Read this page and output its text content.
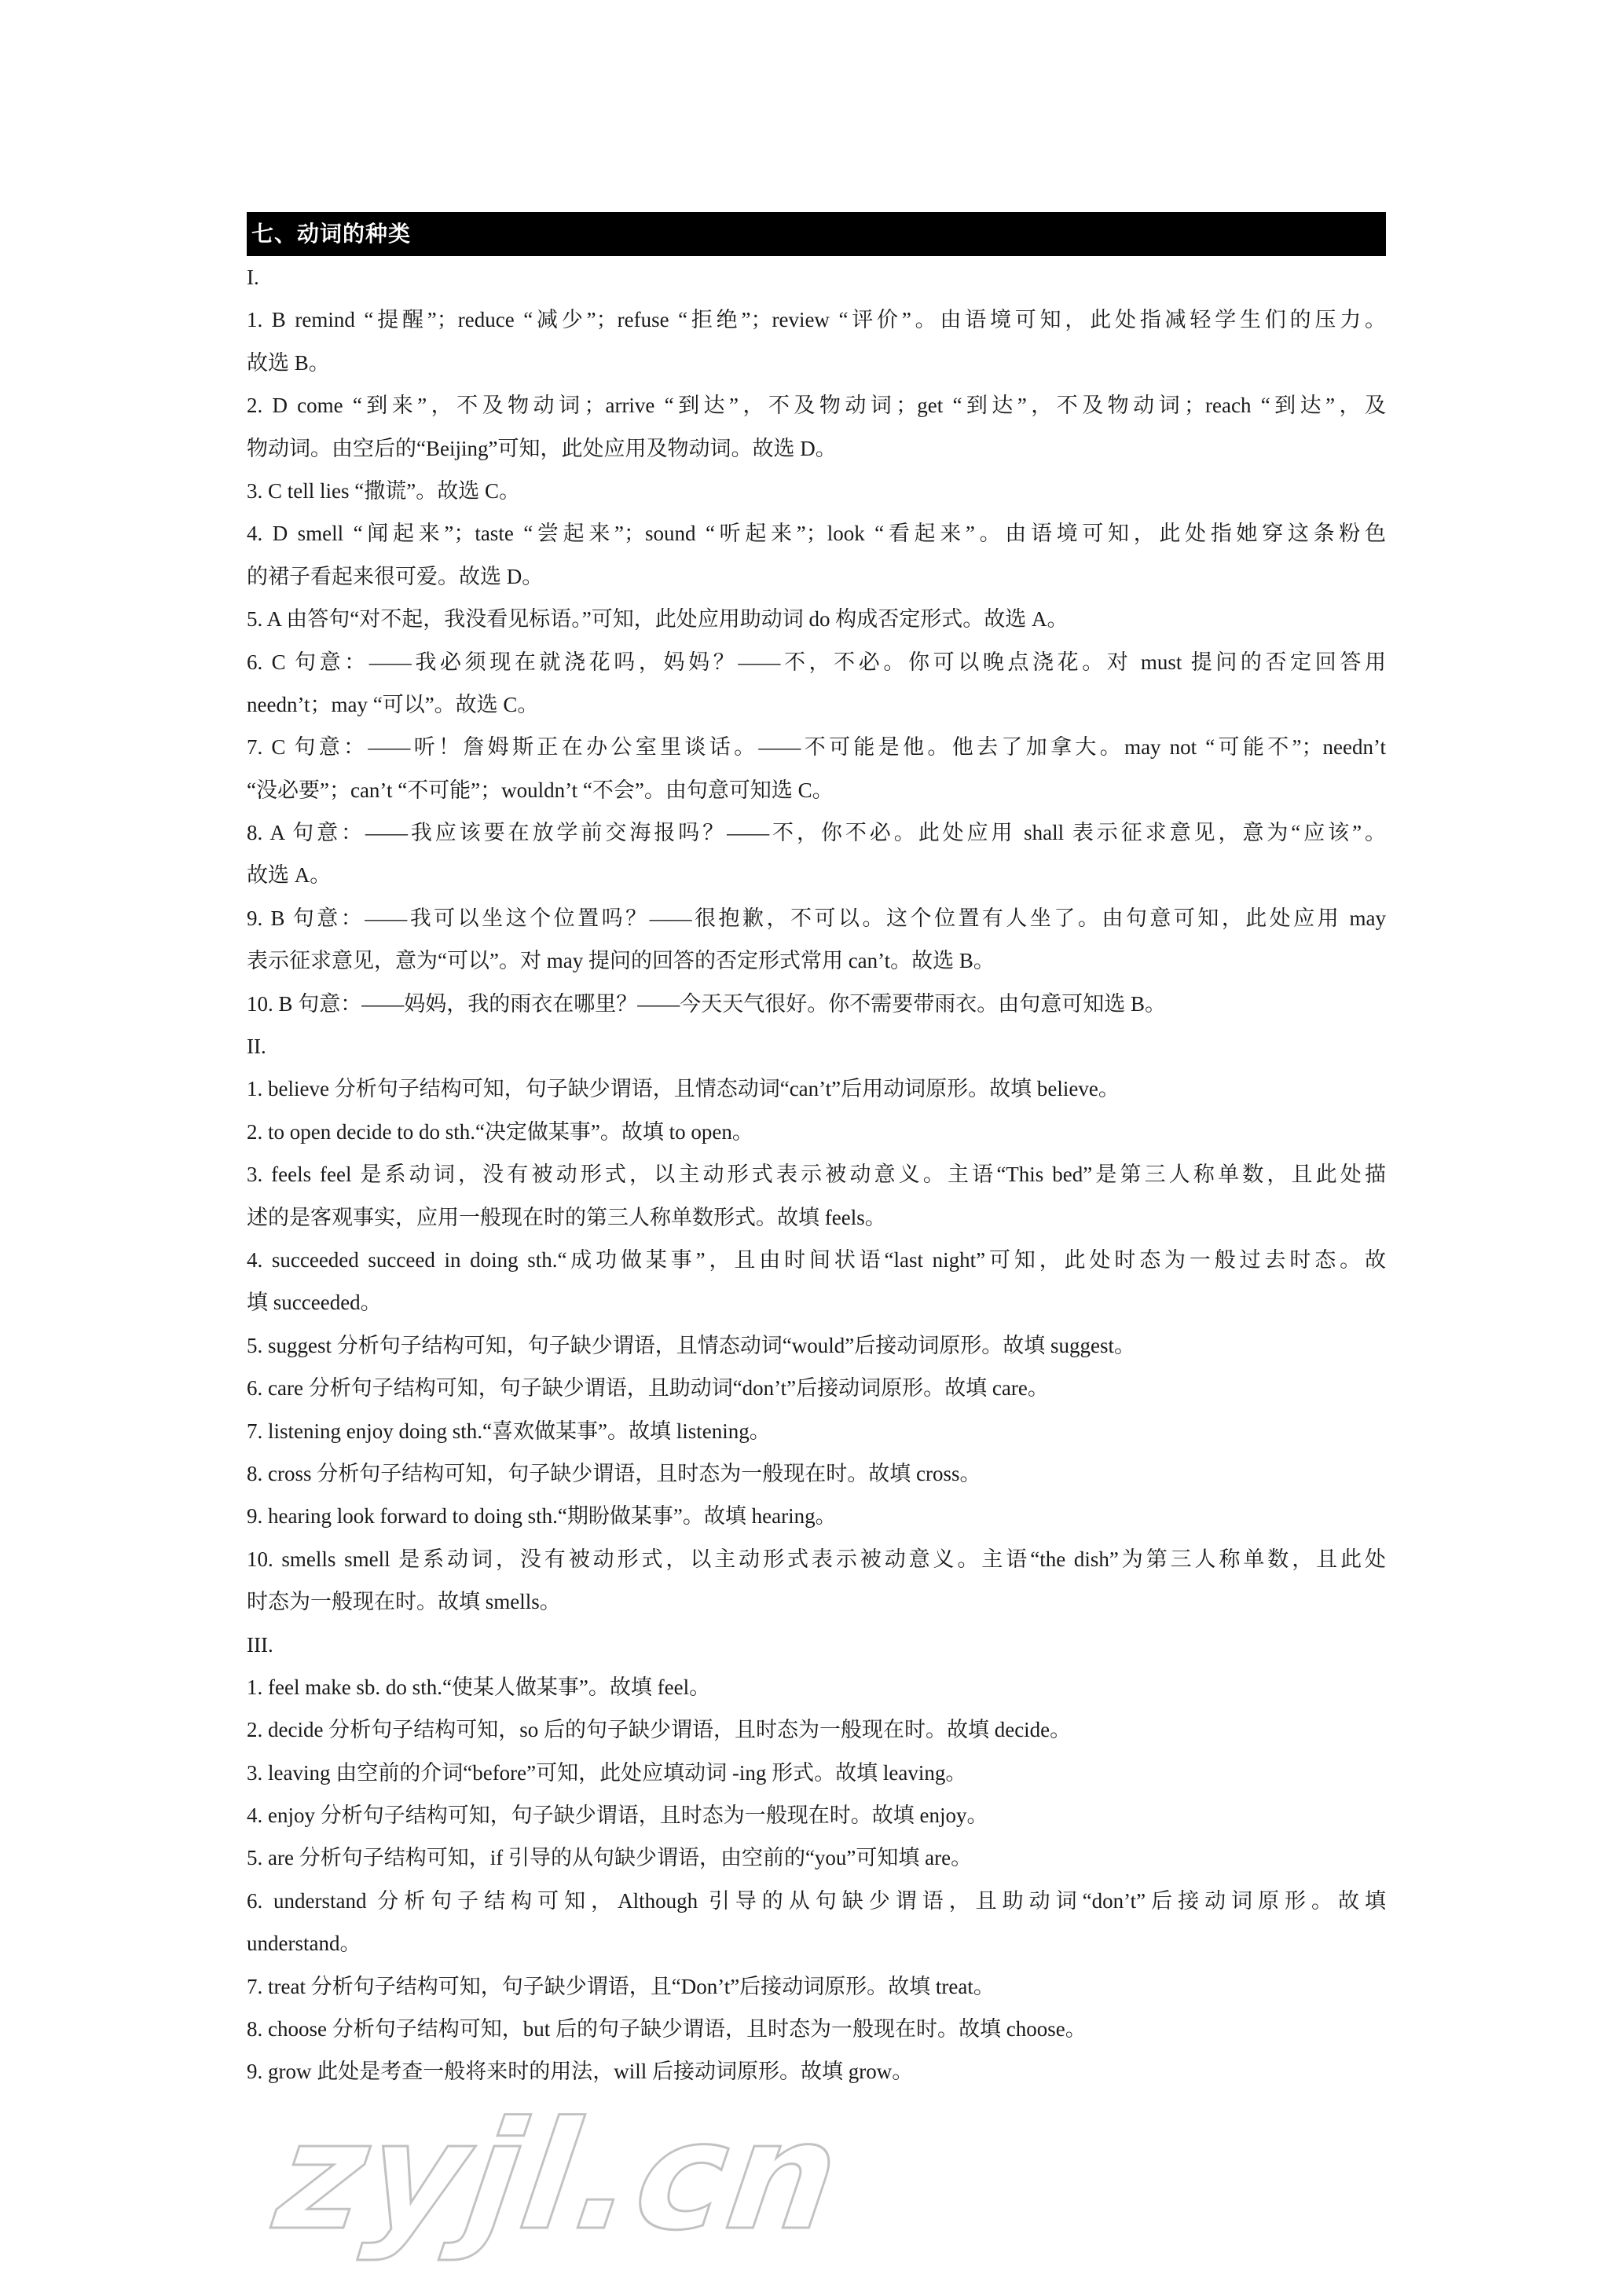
七、动词的种类
I.
1. B remind “提醒”；reduce “减少”；refuse “拒绝”；review “评价”。由语境可知，此处指减轻学生们的压力。
故选 B。
2. D come “到来”，不及物动词；arrive “到达”，不及物动词；get “到达”，不及物动词；reach “到达”，及
物动词。由空后的“Beijing”可知，此处应用及物动词。故选 D。
3. C tell lies “撒谎”。故选 C。
4. D smell “闻起来”；taste “尝起来”；sound “听起来”；look “看起来”。由语境可知，此处指她穿这条粉色
的裙子看起来很可爱。故选 D。
5. A 由答句“对不起，我没看见标语。”可知，此处应用助动词 do 构成否定形式。故选 A。
6. C 句意：——我必须现在就浇花吗，妈妈？——不，不必。你可以晚点浇花。对 must 提问的否定回答用
needn’t；may “可以”。故选 C。
7. C 句意：——听！詹姆斯正在办公室里谈话。——不可能是他。他去了加拿大。may not “可能不”；needn’t
“没必要”；can’t “不可能”；wouldn’t “不会”。由句意可知选 C。
8. A 句意：——我应该要在放学前交海报吗？——不，你不必。此处应用 shall 表示征求意见，意为“应该”。
故选 A。
9. B 句意：——我可以坐这个位置吗？——很抱歉，不可以。这个位置有人坐了。由句意可知，此处应用 may
表示征求意见，意为“可以”。对 may 提问的回答的否定形式常用 can’t。故选 B。
10. B 句意：——妈妈，我的雨衣在哪里？——今天天气很好。你不需要带雨衣。由句意可知选 B。
II.
1. believe 分析句子结构可知，句子缺少谓语，且情态动词“can’t”后用动词原形。故填 believe。
2. to open decide to do sth.“决定做某事”。故填 to open。
3. feels feel 是系动词，没有被动形式，以主动形式表示被动意义。主语“This bed”是第三人称单数，且此处描
述的是客观事实，应用一般现在时的第三人称单数形式。故填 feels。
4. succeeded succeed in doing sth.“成功做某事”，且由时间状语“last night”可知，此处时态为一般过去时态。故
填 succeeded。
5. suggest 分析句子结构可知，句子缺少谓语，且情态动词“would”后接动词原形。故填 suggest。
6. care 分析句子结构可知，句子缺少谓语，且助动词“don’t”后接动词原形。故填 care。
7. listening enjoy doing sth.“喜欢做某事”。故填 listening。
8. cross 分析句子结构可知，句子缺少谓语，且时态为一般现在时。故填 cross。
9. hearing look forward to doing sth.“期盼做某事”。故填 hearing。
10. smells smell 是系动词，没有被动形式，以主动形式表示被动意义。主语“the dish”为第三人称单数，且此处
时态为一般现在时。故填 smells。
III.
1. feel make sb. do sth.“使某人做某事”。故填 feel。
2. decide 分析句子结构可知，so 后的句子缺少谓语，且时态为一般现在时。故填 decide。
3. leaving 由空前的介词“before”可知，此处应填动词 -ing 形式。故填 leaving。
4. enjoy 分析句子结构可知，句子缺少谓语，且时态为一般现在时。故填 enjoy。
5. are 分析句子结构可知，if 引导的从句缺少谓语，由空前的“you”可知填 are。
6. understand 分析句子结构可知，Although 引导的从句缺少谓语，且助动词“don’t”后接动词原形。故填
understand。
7. treat 分析句子结构可知，句子缺少谓语，且“Don’t”后接动词原形。故填 treat。
8. choose 分析句子结构可知，but 后的句子缺少谓语，且时态为一般现在时。故填 choose。
9. grow 此处是考查一般将来时的用法，will 后接动词原形。故填 grow。
zyjl.cn
